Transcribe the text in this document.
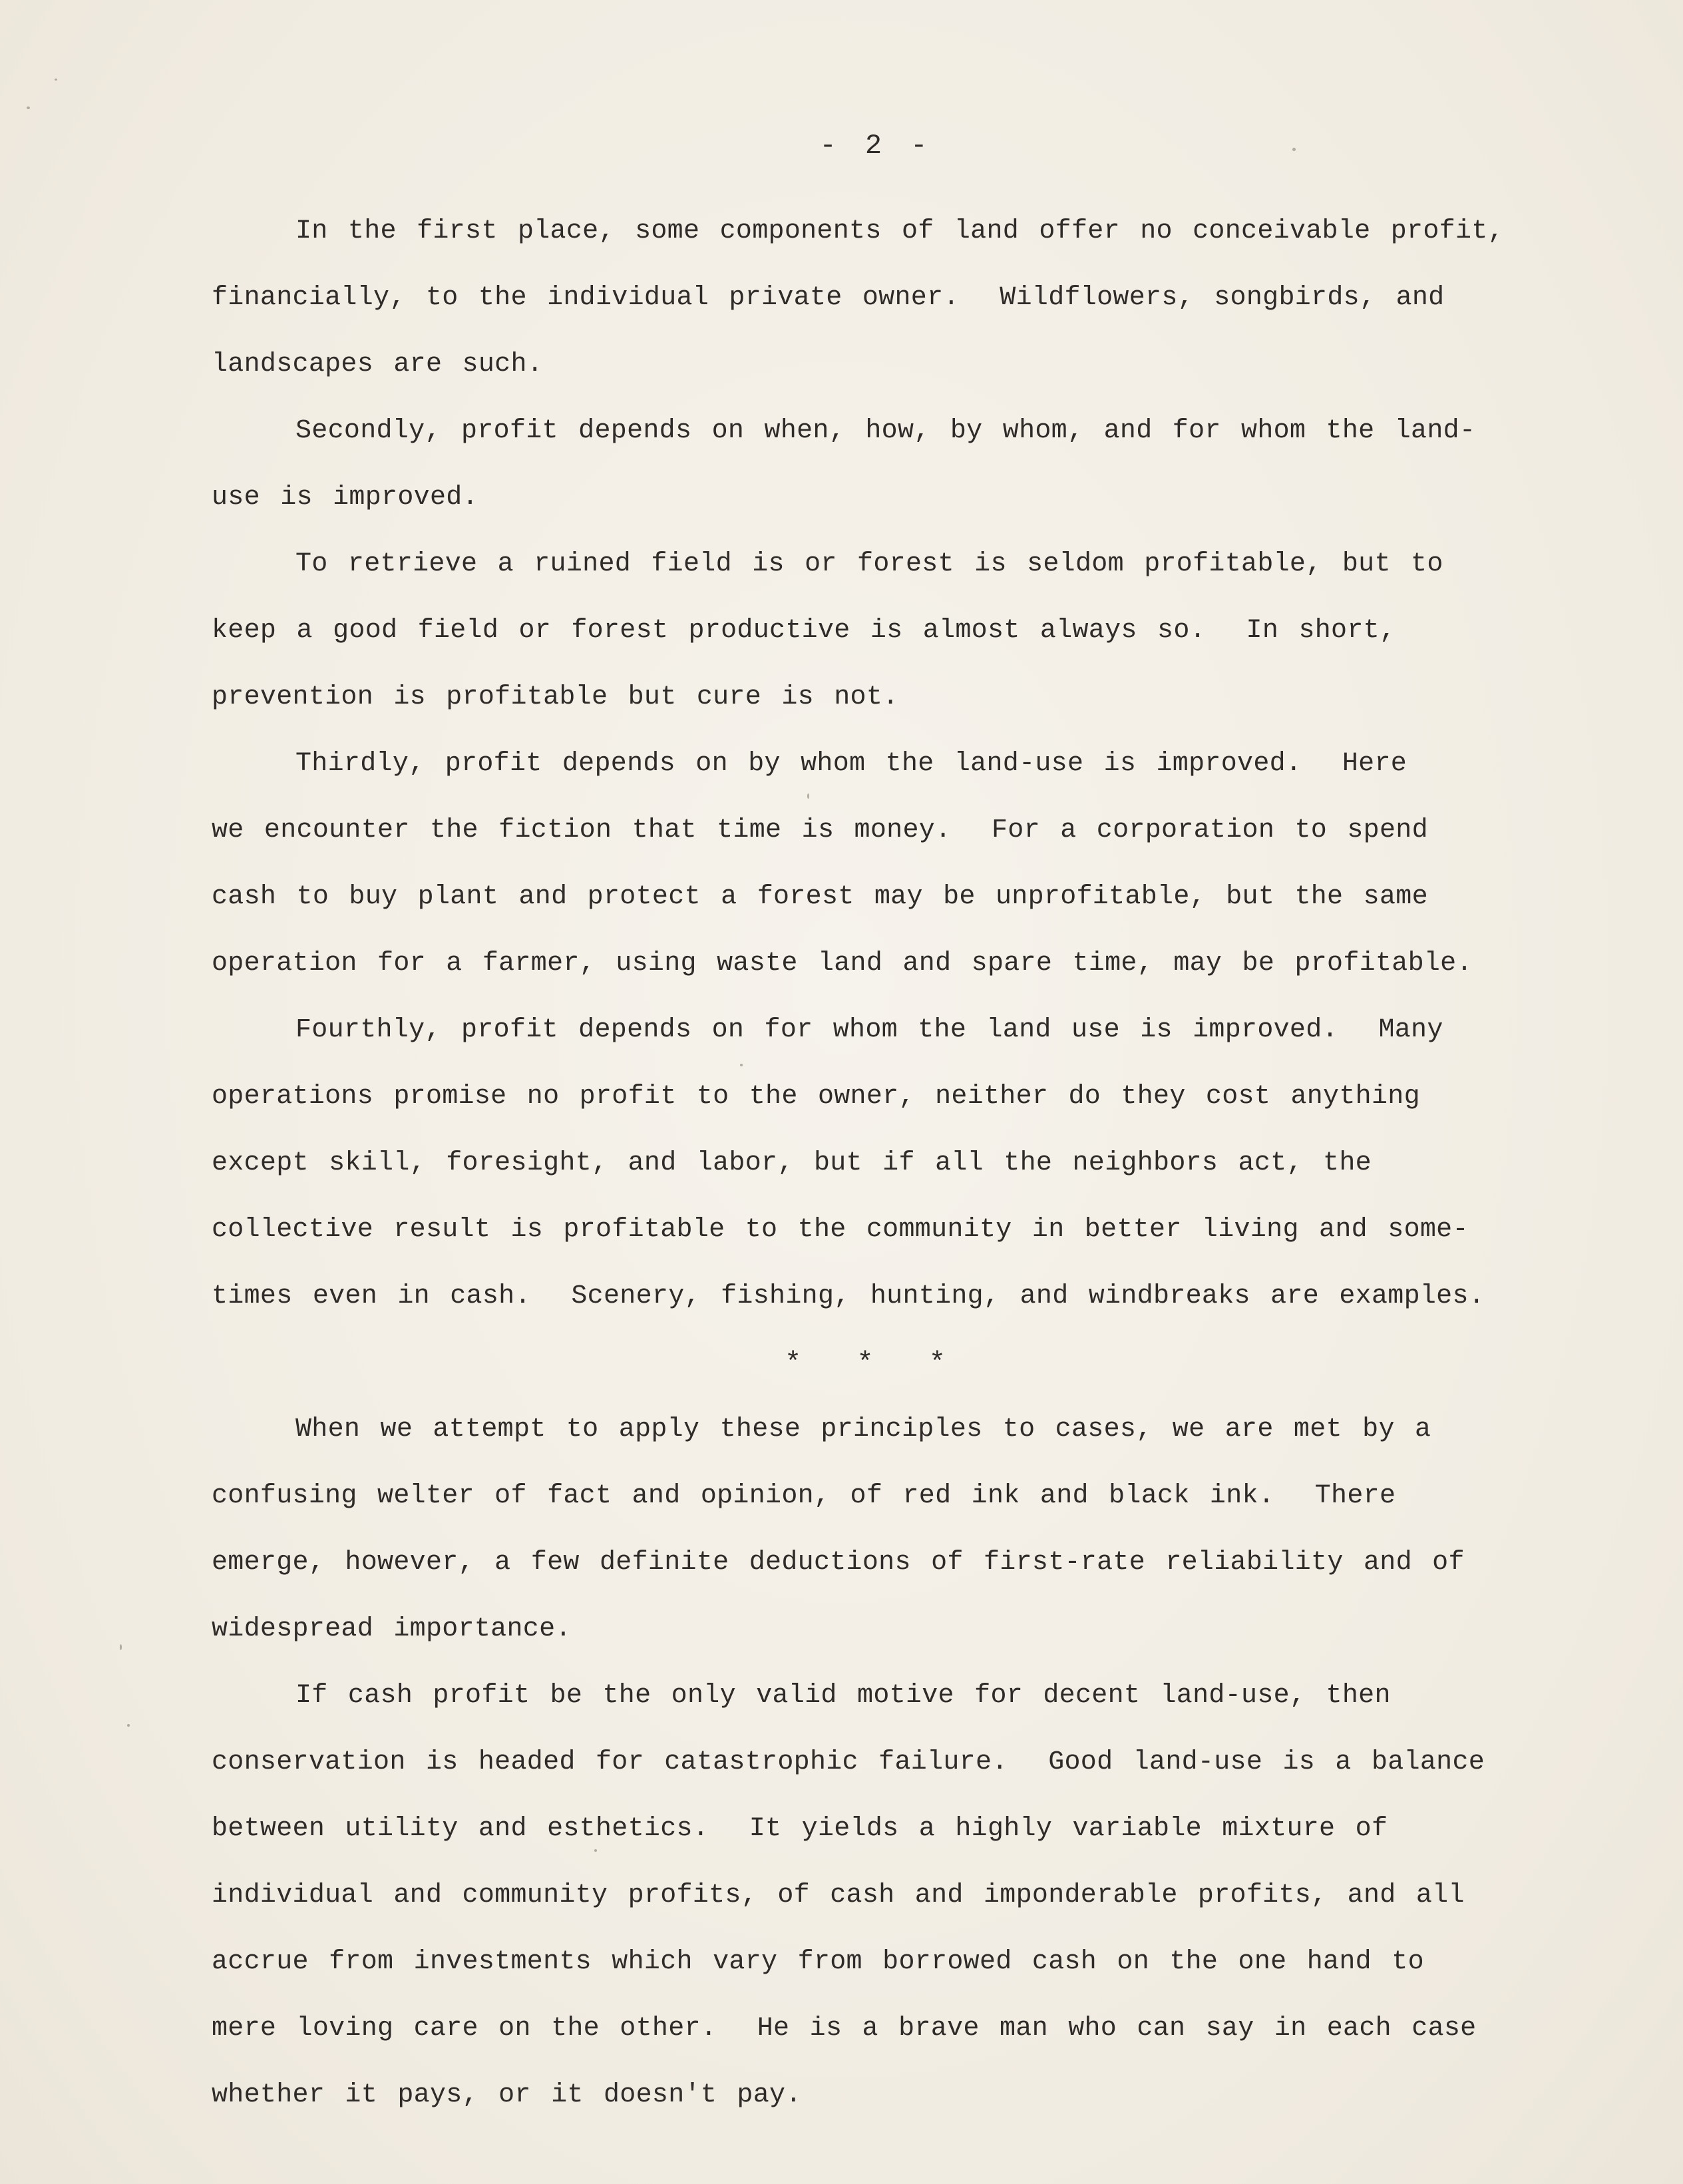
- 2 -
In the first place, some components of land offer no conceivable profit,
financially, to the individual private owner.  Wildflowers, songbirds, and
landscapes are such.
Secondly, profit depends on when, how, by whom, and for whom the land-
use is improved.
To retrieve a ruined field is or forest is seldom profitable, but to
keep a good field or forest productive is almost always so.  In short,
prevention is profitable but cure is not.
Thirdly, profit depends on by whom the land-use is improved.  Here
we encounter the fiction that time is money.  For a corporation to spend
cash to buy plant and protect a forest may be unprofitable, but the same
operation for a farmer, using waste land and spare time, may be profitable.
Fourthly, profit depends on for whom the land use is improved.  Many
operations promise no profit to the owner, neither do they cost anything
except skill, foresight, and labor, but if all the neighbors act, the
collective result is profitable to the community in better living and some-
times even in cash.  Scenery, fishing, hunting, and windbreaks are examples.
* * *
When we attempt to apply these principles to cases, we are met by a
confusing welter of fact and opinion, of red ink and black ink.  There
emerge, however, a few definite deductions of first-rate reliability and of
widespread importance.
If cash profit be the only valid motive for decent land-use, then
conservation is headed for catastrophic failure.  Good land-use is a balance
between utility and esthetics.  It yields a highly variable mixture of
individual and community profits, of cash and imponderable profits, and all
accrue from investments which vary from borrowed cash on the one hand to
mere loving care on the other.  He is a brave man who can say in each case
whether it pays, or it doesn't pay.
